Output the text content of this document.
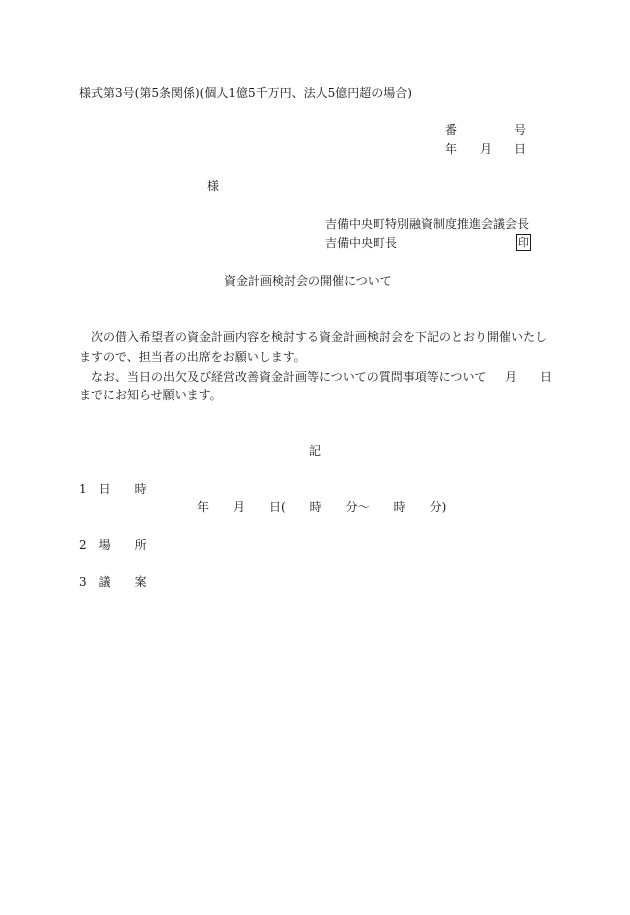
様式第3号(第5条関係)(個人1億5千万円、法人5億円超の場合)
番	号
年 月 日
様
吉備中央町特別融資制度推進会議会長
吉備中央町長	印
資金計画検討会の開催について
次の借入希望者の資金計画内容を検討する資金計画検討会を下記のとおり開催いたしますので、担当者の出席をお願いします。
なお、当日の出欠及び経営改善資金計画等についての質問事項等について 月 日
までにお知らせ願います。
記
1　日　　時
年　　月　　日(　　時　　分〜　　時　　分)
2　場　　所
3　議　　案
